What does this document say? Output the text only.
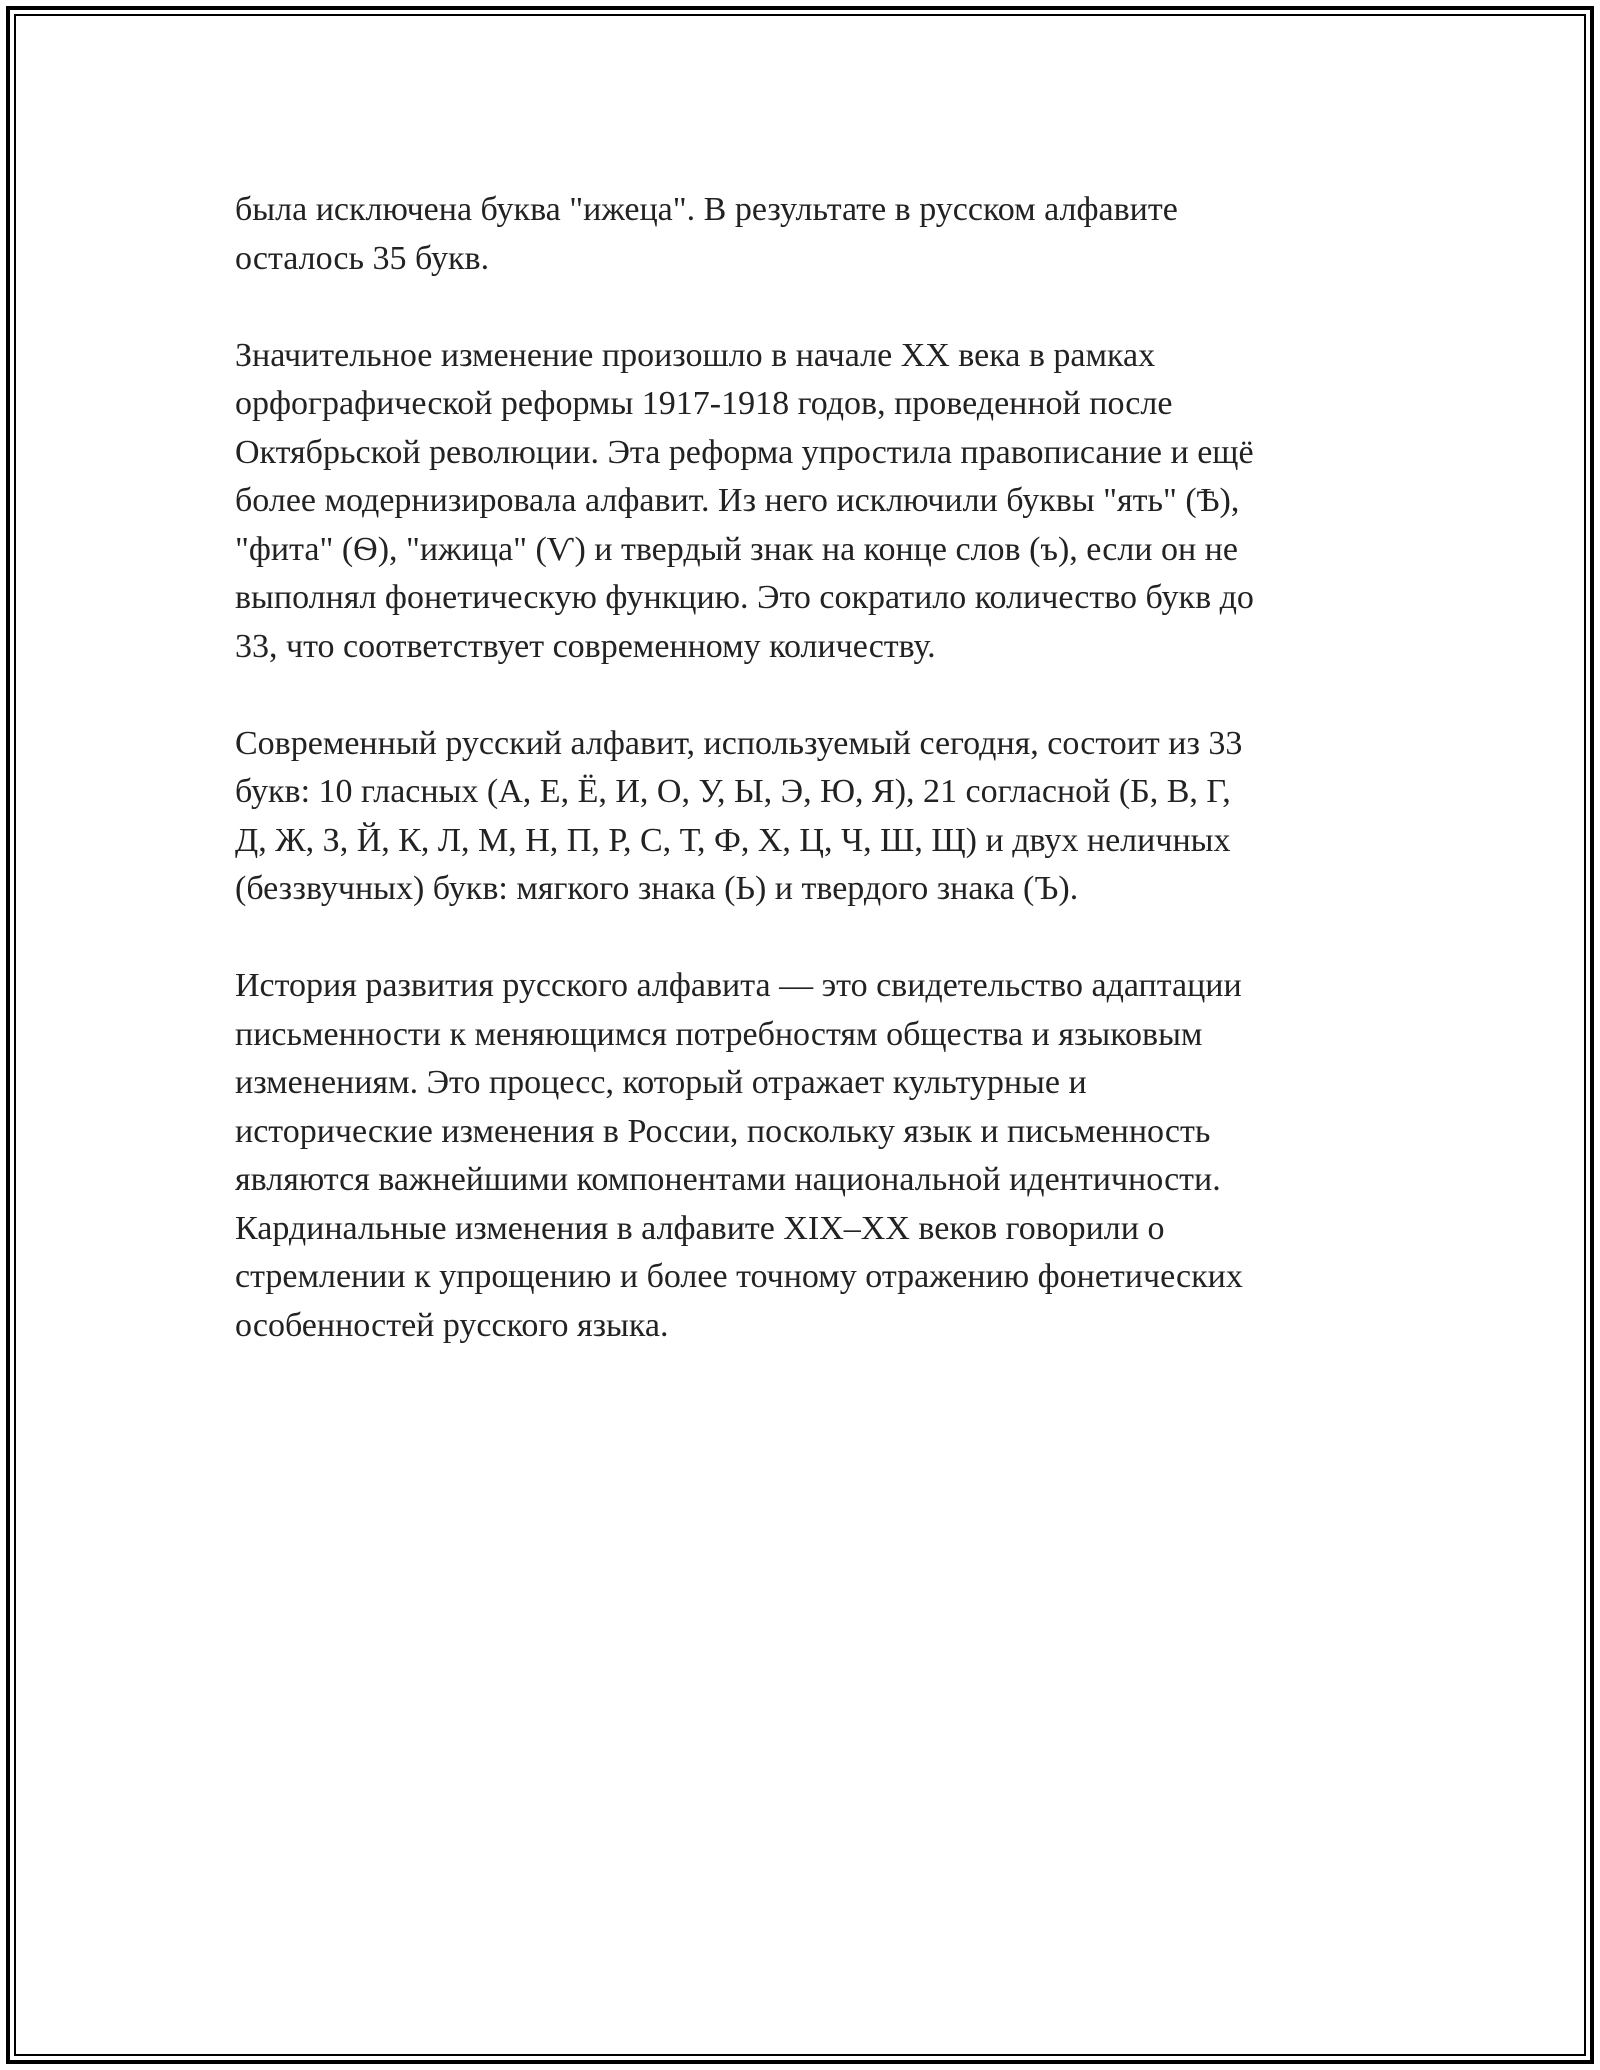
была исключена буква "ижеца". В результате в русском алфавите
осталось 35 букв.

Значительное изменение произошло в начале XX века в рамках
орфографической реформы 1917-1918 годов, проведенной после
Октябрьской революции. Эта реформа упростила правописание и ещё
более модернизировала алфавит. Из него исключили буквы "ять" (Ѣ),
"фита" (Ѳ), "ижица" (Ѵ) и твердый знак на конце слов (ъ), если он не
выполнял фонетическую функцию. Это сократило количество букв до
33, что соответствует современному количеству.

Современный русский алфавит, используемый сегодня, состоит из 33
букв: 10 гласных (А, Е, Ё, И, О, У, Ы, Э, Ю, Я), 21 согласной (Б, В, Г,
Д, Ж, З, Й, К, Л, М, Н, П, Р, С, Т, Ф, Х, Ц, Ч, Ш, Щ) и двух неличных
(беззвучных) букв: мягкого знака (Ь) и твердого знака (Ъ).

История развития русского алфавита — это свидетельство адаптации
письменности к меняющимся потребностям общества и языковым
изменениям. Это процесс, который отражает культурные и
исторические изменения в России, поскольку язык и письменность
являются важнейшими компонентами национальной идентичности.
Кардинальные изменения в алфавите XIX–XX веков говорили о
стремлении к упрощению и более точному отражению фонетических
особенностей русского языка.
